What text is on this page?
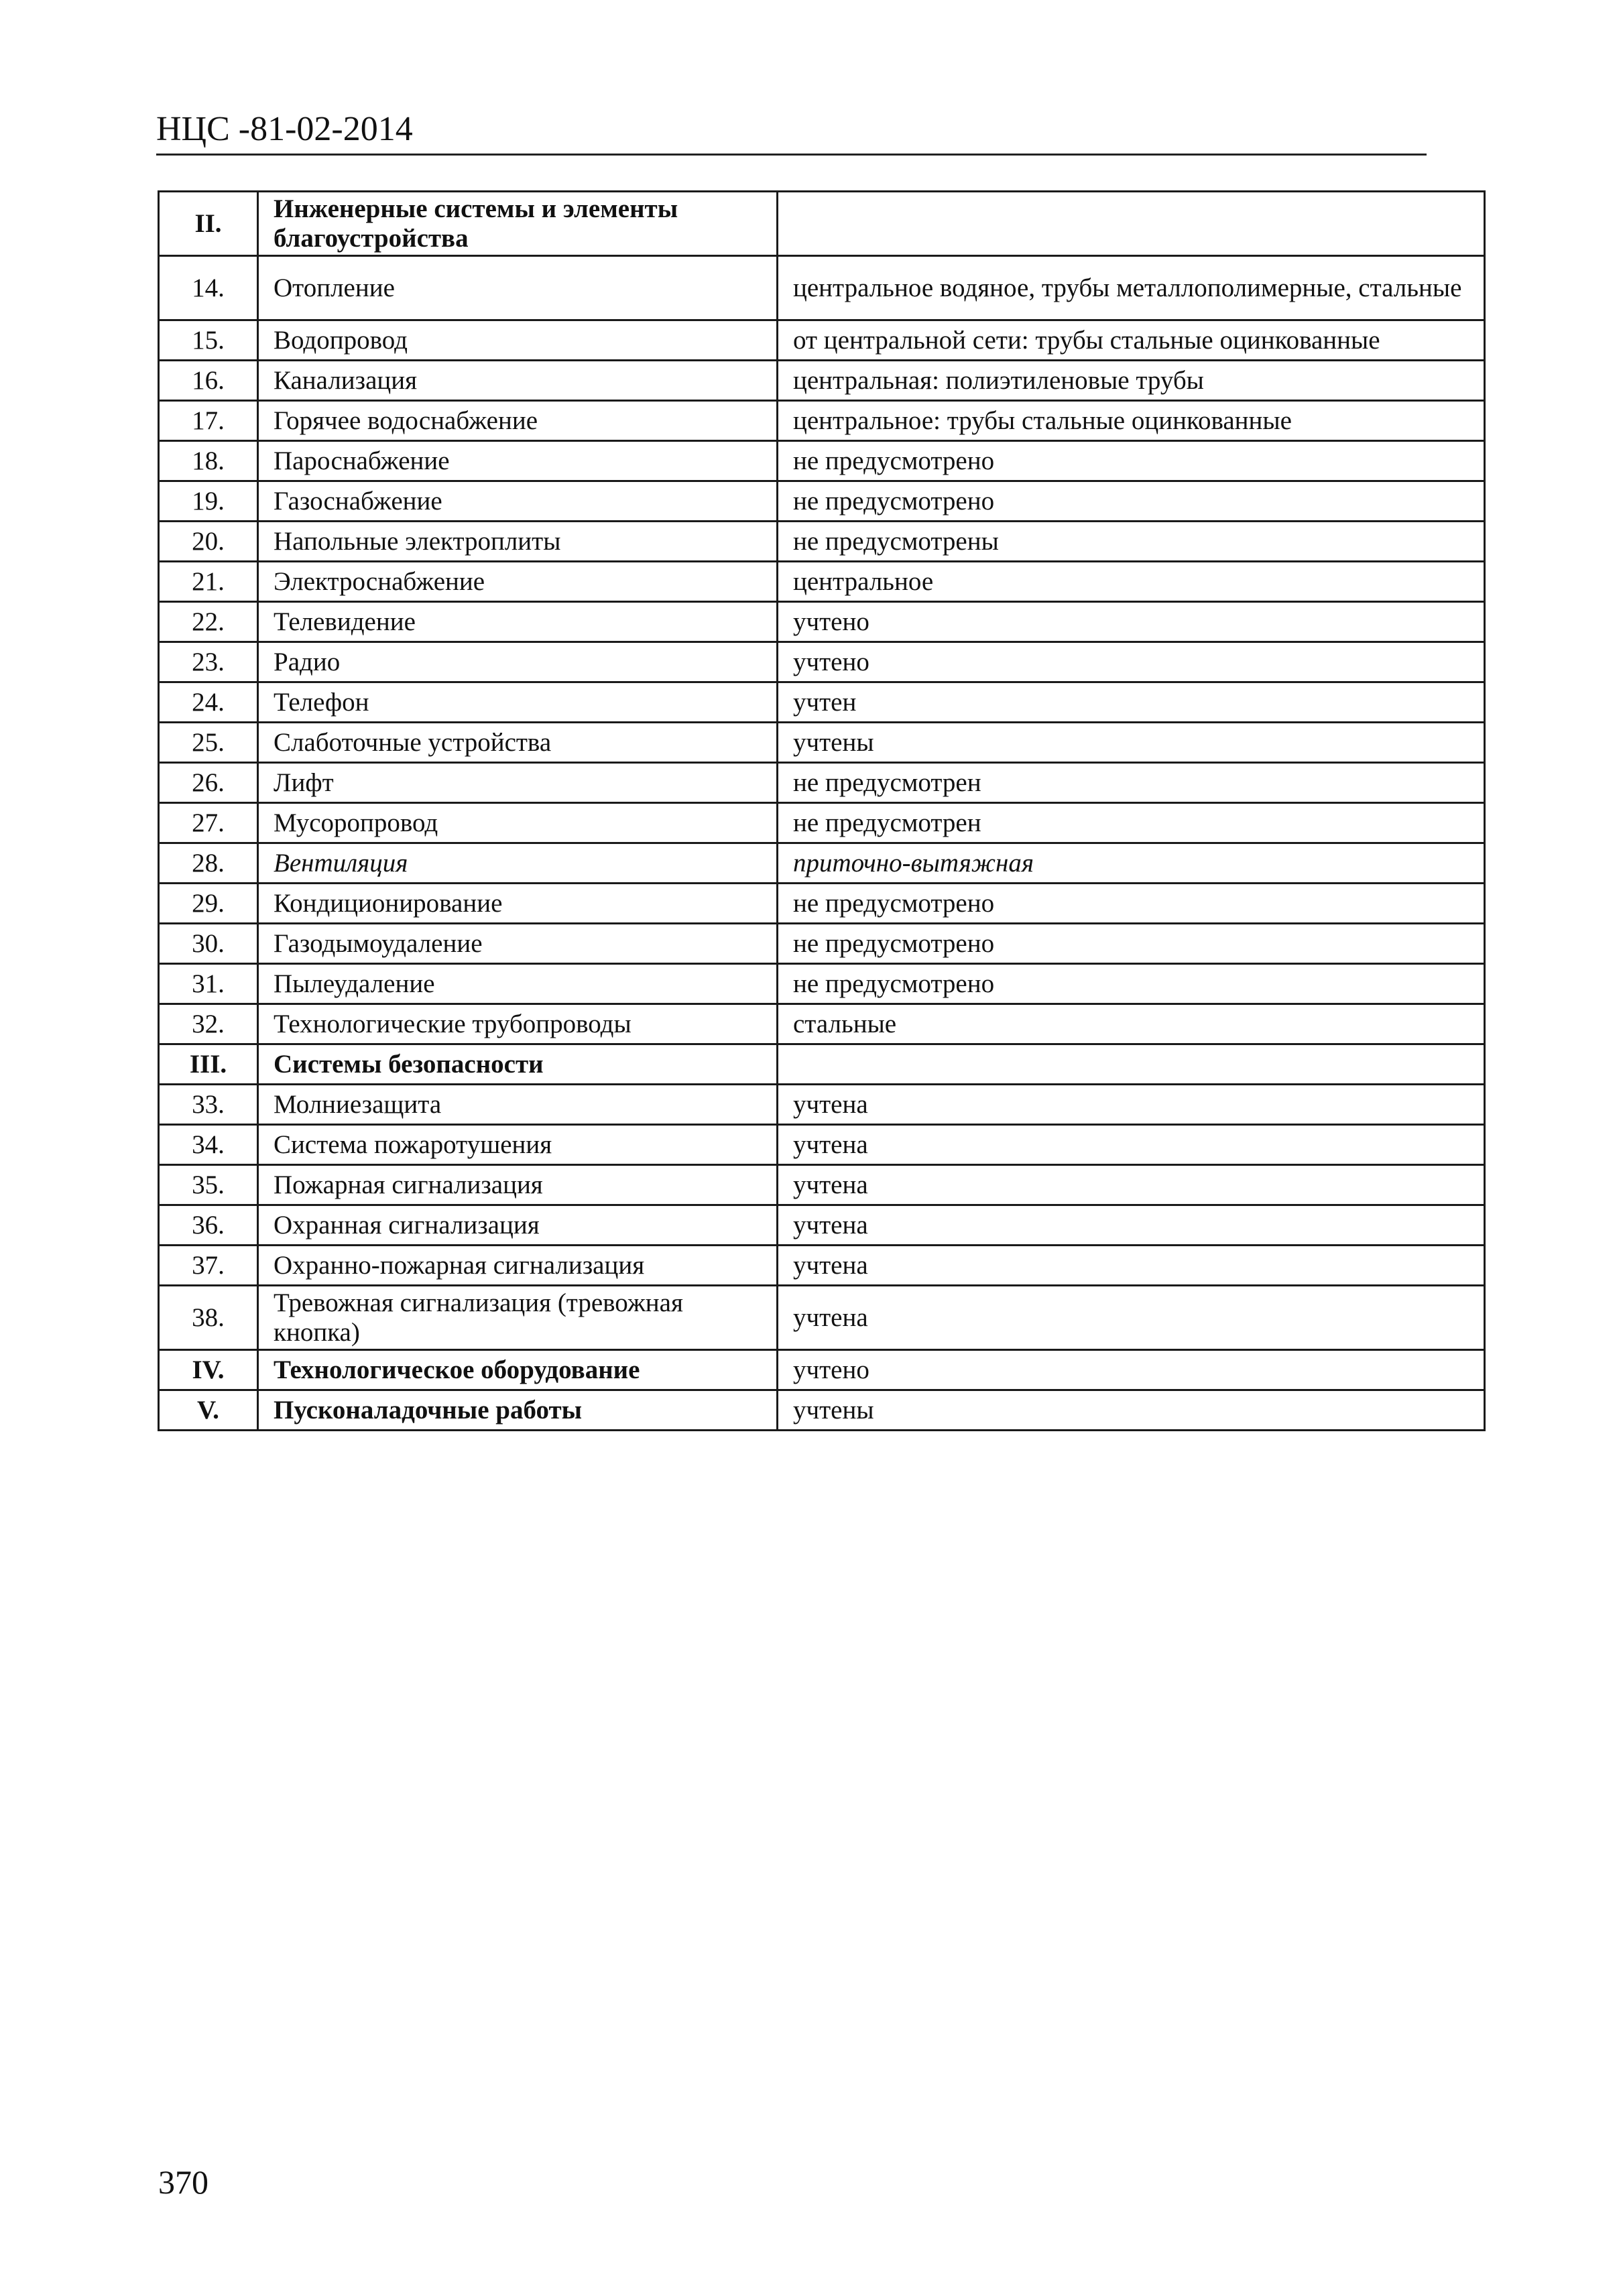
НЦС -81-02-2014
II.	Инженерные системы и элементы благоустройства	
14.	Отопление	центральное водяное, трубы металлополимерные, стальные
15.	Водопровод	от центральной сети: трубы стальные оцинкованные
16.	Канализация	центральная: полиэтиленовые трубы
17.	Горячее водоснабжение	центральное: трубы стальные оцинкованные
18.	Пароснабжение	не предусмотрено
19.	Газоснабжение	не предусмотрено
20.	Напольные электроплиты	не предусмотрены
21.	Электроснабжение	центральное
22.	Телевидение	учтено
23.	Радио	учтено
24.	Телефон	учтен
25.	Слаботочные устройства	учтены
26.	Лифт	не предусмотрен
27.	Мусоропровод	не предусмотрен
28.	Вентиляция	приточно-вытяжная
29.	Кондиционирование	не предусмотрено
30.	Газодымоудаление	не предусмотрено
31.	Пылеудаление	не предусмотрено
32.	Технологические трубопроводы	стальные
III.	Системы безопасности	
33.	Молниезащита	учтена
34.	Система пожаротушения	учтена
35.	Пожарная сигнализация	учтена
36.	Охранная сигнализация	учтена
37.	Охранно-пожарная сигнализация	учтена
38.	Тревожная сигнализация (тревожная кнопка)	учтена
IV.	Технологическое оборудование	учтено
V.	Пусконаладочные работы	учтены
370
